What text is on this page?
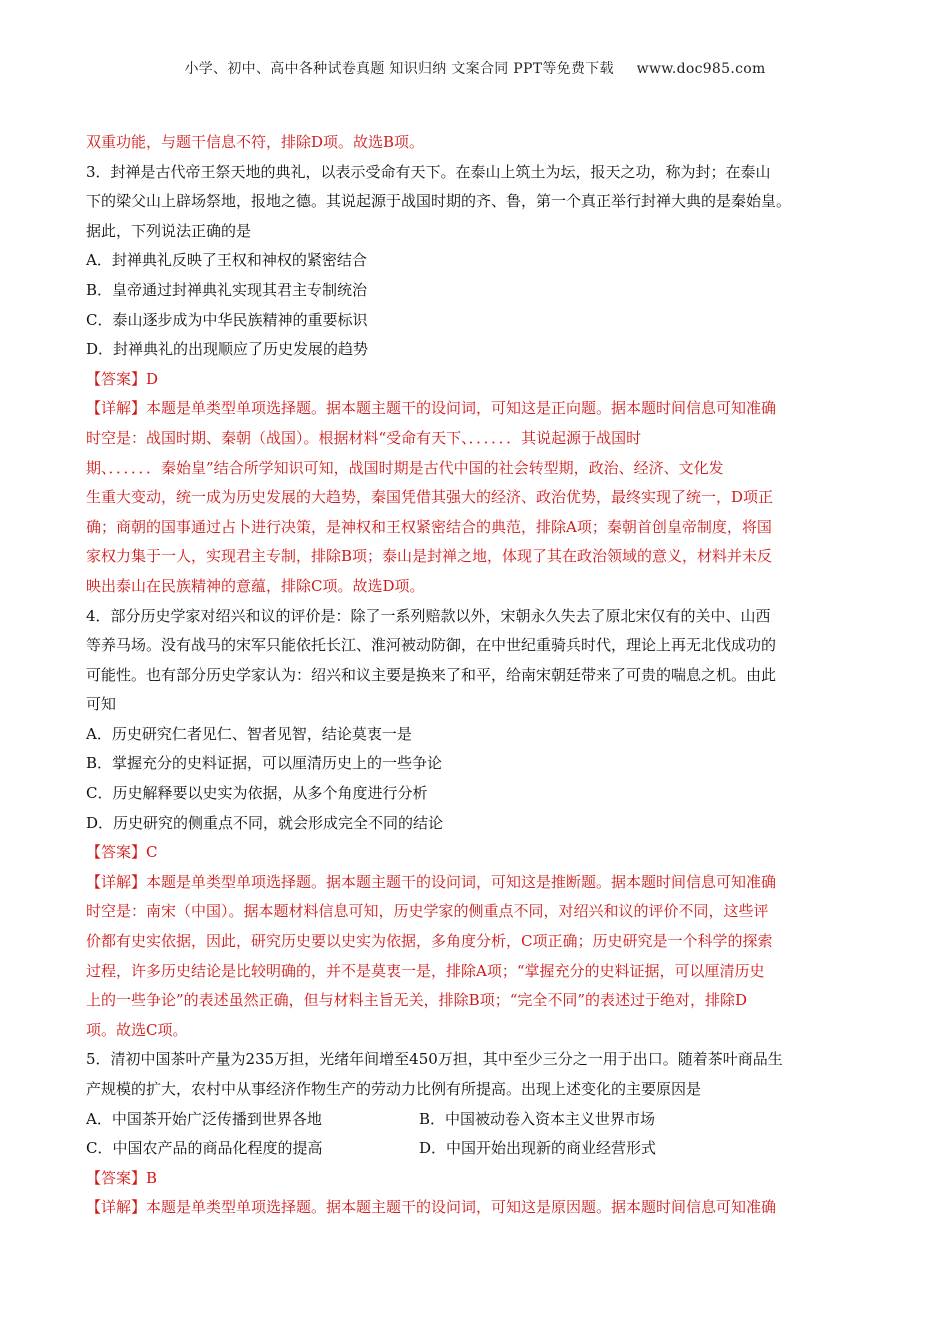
小学、初中、高中各种试卷真题 知识归纳 文案合同 PPT等免费下载 www.doc985.com
双重功能，与题干信息不符，排除D项。故选B项。
3．封禅是古代帝王祭天地的典礼，以表示受命有天下。在泰山上筑土为坛，报天之功，称为封；在泰山
下的梁父山上辟场祭地，报地之德。其说起源于战国时期的齐、鲁，第一个真正举行封禅大典的是秦始皇。
据此，下列说法正确的是
A．封禅典礼反映了王权和神权的紧密结合
B．皇帝通过封禅典礼实现其君主专制统治
C．泰山逐步成为中华民族精神的重要标识
D．封禅典礼的出现顺应了历史发展的趋势
【答案】D
【详解】本题是单类型单项选择题。据本题主题干的设问词，可知这是正向题。据本题时间信息可知准确
时空是：战国时期、秦朝（战国）。根据材料“受命有天下、．．．．．．其说起源于战国时
期、．．．．．．秦始皇”结合所学知识可知，战国时期是古代中国的社会转型期，政治、经济、文化发
生重大变动，统一成为历史发展的大趋势，秦国凭借其强大的经济、政治优势，最终实现了统一，D项正
确；商朝的国事通过占卜进行决策，是神权和王权紧密结合的典范，排除A项；秦朝首创皇帝制度，将国
家权力集于一人，实现君主专制，排除B项；泰山是封禅之地，体现了其在政治领域的意义，材料并未反
映出泰山在民族精神的意蕴，排除C项。故选D项。
4．部分历史学家对绍兴和议的评价是：除了一系列赔款以外，宋朝永久失去了原北宋仅有的关中、山西
等养马场。没有战马的宋军只能依托长江、淮河被动防御，在中世纪重骑兵时代，理论上再无北伐成功的
可能性。也有部分历史学家认为：绍兴和议主要是换来了和平，给南宋朝廷带来了可贵的喘息之机。由此
可知
A．历史研究仁者见仁、智者见智，结论莫衷一是
B．掌握充分的史料证据，可以厘清历史上的一些争论
C．历史解释要以史实为依据，从多个角度进行分析
D．历史研究的侧重点不同，就会形成完全不同的结论
【答案】C
【详解】本题是单类型单项选择题。据本题主题干的设问词，可知这是推断题。据本题时间信息可知准确
时空是：南宋（中国）。据本题材料信息可知，历史学家的侧重点不同，对绍兴和议的评价不同，这些评
价都有史实依据，因此，研究历史要以史实为依据，多角度分析，C项正确；历史研究是一个科学的探索
过程，许多历史结论是比较明确的，并不是莫衷一是，排除A项；“掌握充分的史料证据，可以厘清历史
上的一些争论”的表述虽然正确，但与材料主旨无关，排除B项；“完全不同”的表述过于绝对，排除D
项。故选C项。
5．清初中国茶叶产量为235万担，光绪年间增至450万担，其中至少三分之一用于出口。随着茶叶商品生
产规模的扩大，农村中从事经济作物生产的劳动力比例有所提高。出现上述变化的主要原因是
A．中国茶开始广泛传播到世界各地	B．中国被动卷入资本主义世界市场
C．中国农产品的商品化程度的提高	D．中国开始出现新的商业经营形式
【答案】B
【详解】本题是单类型单项选择题。据本题主题干的设问词，可知这是原因题。据本题时间信息可知准确
